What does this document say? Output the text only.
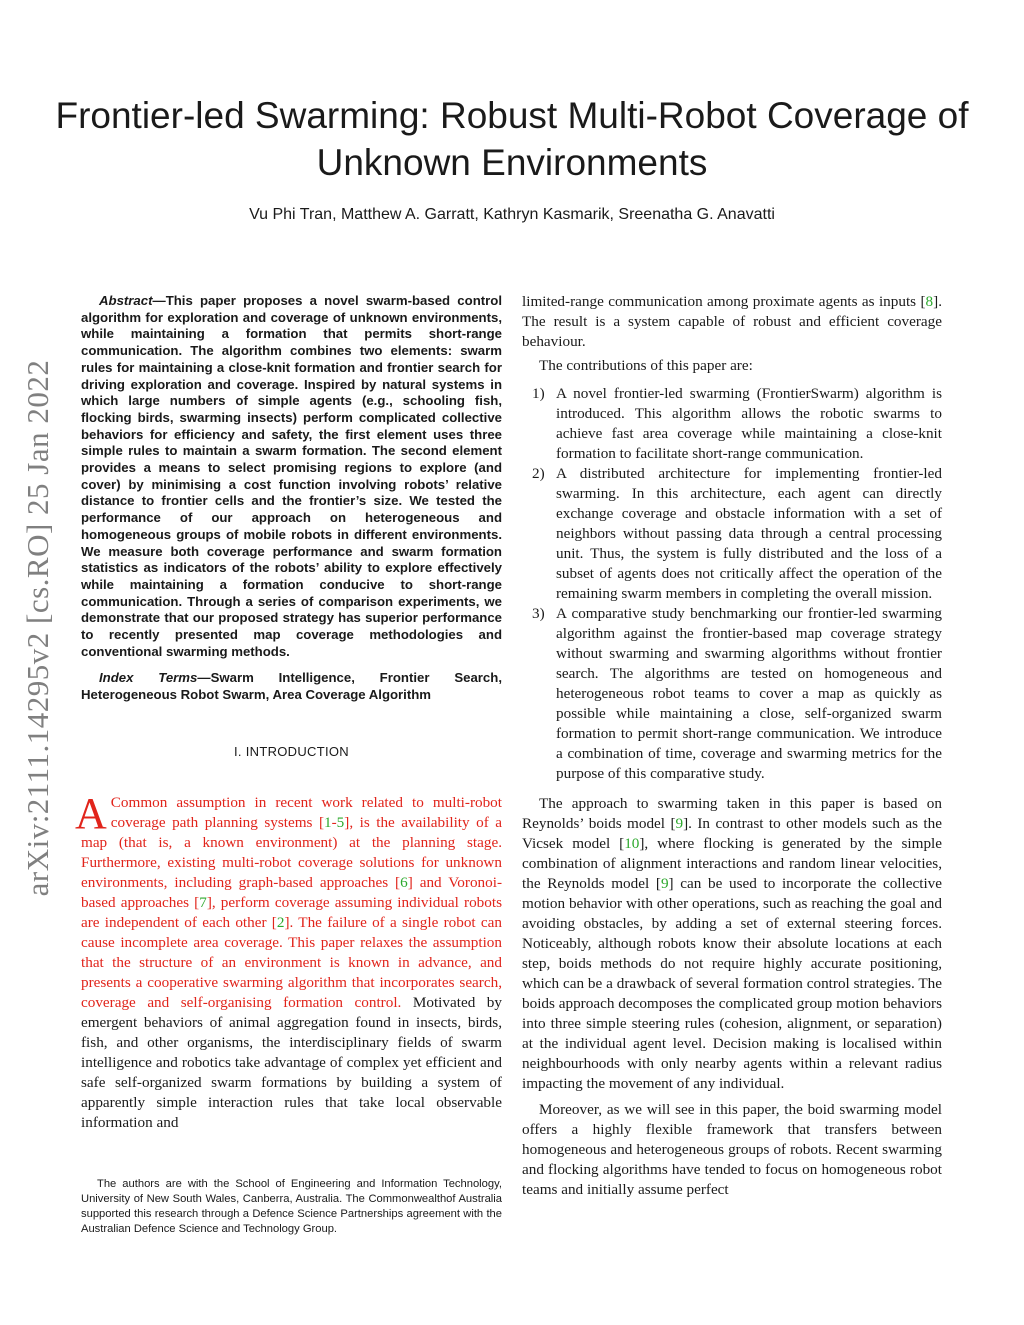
Frontier-led Swarming: Robust Multi-Robot Coverage of Unknown Environments
Vu Phi Tran, Matthew A. Garratt, Kathryn Kasmarik, Sreenatha G. Anavatti
arXiv:2111.14295v2 [cs.RO] 25 Jan 2022

Abstract—This paper proposes a novel swarm-based control algorithm for exploration and coverage of unknown environments, while maintaining a formation that permits short-range communication. The algorithm combines two elements: swarm rules for maintaining a close-knit formation and frontier search for driving exploration and coverage. Inspired by natural systems in which large numbers of simple agents (e.g., schooling fish, flocking birds, swarming insects) perform complicated collective behaviors for efficiency and safety, the first element uses three simple rules to maintain a swarm formation. The second element provides a means to select promising regions to explore (and cover) by minimising a cost function involving robots’ relative distance to frontier cells and the frontier’s size. We tested the performance of our approach on heterogeneous and homogeneous groups of mobile robots in different environments. We measure both coverage performance and swarm formation statistics as indicators of the robots’ ability to explore effectively while maintaining a formation conducive to short-range communication. Through a series of comparison experiments, we demonstrate that our proposed strategy has superior performance to recently presented map coverage methodologies and conventional swarming methods.

Index Terms—Swarm Intelligence, Frontier Search, Heterogeneous Robot Swarm, Area Coverage Algorithm

I. INTRODUCTION

A Common assumption in recent work related to multi-robot coverage path planning systems [1-5], is the availability of a map (that is, a known environment) at the planning stage. Furthermore, existing multi-robot coverage solutions for unknown environments, including graph-based approaches [6] and Voronoi-based approaches [7], perform coverage assuming individual robots are independent of each other [2]. The failure of a single robot can cause incomplete area coverage. This paper relaxes the assumption that the structure of an environment is known in advance, and presents a cooperative swarming algorithm that incorporates search, coverage and self-organising formation control. Motivated by emergent behaviors of animal aggregation found in insects, birds, fish, and other organisms, the interdisciplinary fields of swarm intelligence and robotics take advantage of complex yet efficient and safe self-organized swarm formations by building a system of apparently simple interaction rules that take local observable information and

The authors are with the School of Engineering and Information Technology, University of New South Wales, Canberra, Australia. The Commonwealthof Australia supported this research through a Defence Science Partnerships agreement with the Australian Defence Science and Technology Group.

limited-range communication among proximate agents as inputs [8]. The result is a system capable of robust and efficient coverage behaviour.

The contributions of this paper are:

1) A novel frontier-led swarming (FrontierSwarm) algorithm is introduced. This algorithm allows the robotic swarms to achieve fast area coverage while maintaining a close-knit formation to facilitate short-range communication.
2) A distributed architecture for implementing frontier-led swarming. In this architecture, each agent can directly exchange coverage and obstacle information with a set of neighbors without passing data through a central processing unit. Thus, the system is fully distributed and the loss of a subset of agents does not critically affect the operation of the remaining swarm members in completing the overall mission.
3) A comparative study benchmarking our frontier-led swarming algorithm against the frontier-based map coverage strategy without swarming and swarming algorithms without frontier search. The algorithms are tested on homogeneous and heterogeneous robot teams to cover a map as quickly as possible while maintaining a close, self-organized swarm formation to permit short-range communication. We introduce a combination of time, coverage and swarming metrics for the purpose of this comparative study.

The approach to swarming taken in this paper is based on Reynolds’ boids model [9]. In contrast to other models such as the Vicsek model [10], where flocking is generated by the simple combination of alignment interactions and random linear velocities, the Reynolds model [9] can be used to incorporate the collective motion behavior with other operations, such as reaching the goal and avoiding obstacles, by adding a set of external steering forces. Noticeably, although robots know their absolute locations at each step, boids methods do not require highly accurate positioning, which can be a drawback of several formation control strategies. The boids approach decomposes the complicated group motion behaviors into three simple steering rules (cohesion, alignment, or separation) at the individual agent level. Decision making is localised within neighbourhoods with only nearby agents within a relevant radius impacting the movement of any individual.

Moreover, as we will see in this paper, the boid swarming model offers a highly flexible framework that transfers between homogeneous and heterogeneous groups of robots. Recent swarming and flocking algorithms have tended to focus on homogeneous robot teams and initially assume perfect
